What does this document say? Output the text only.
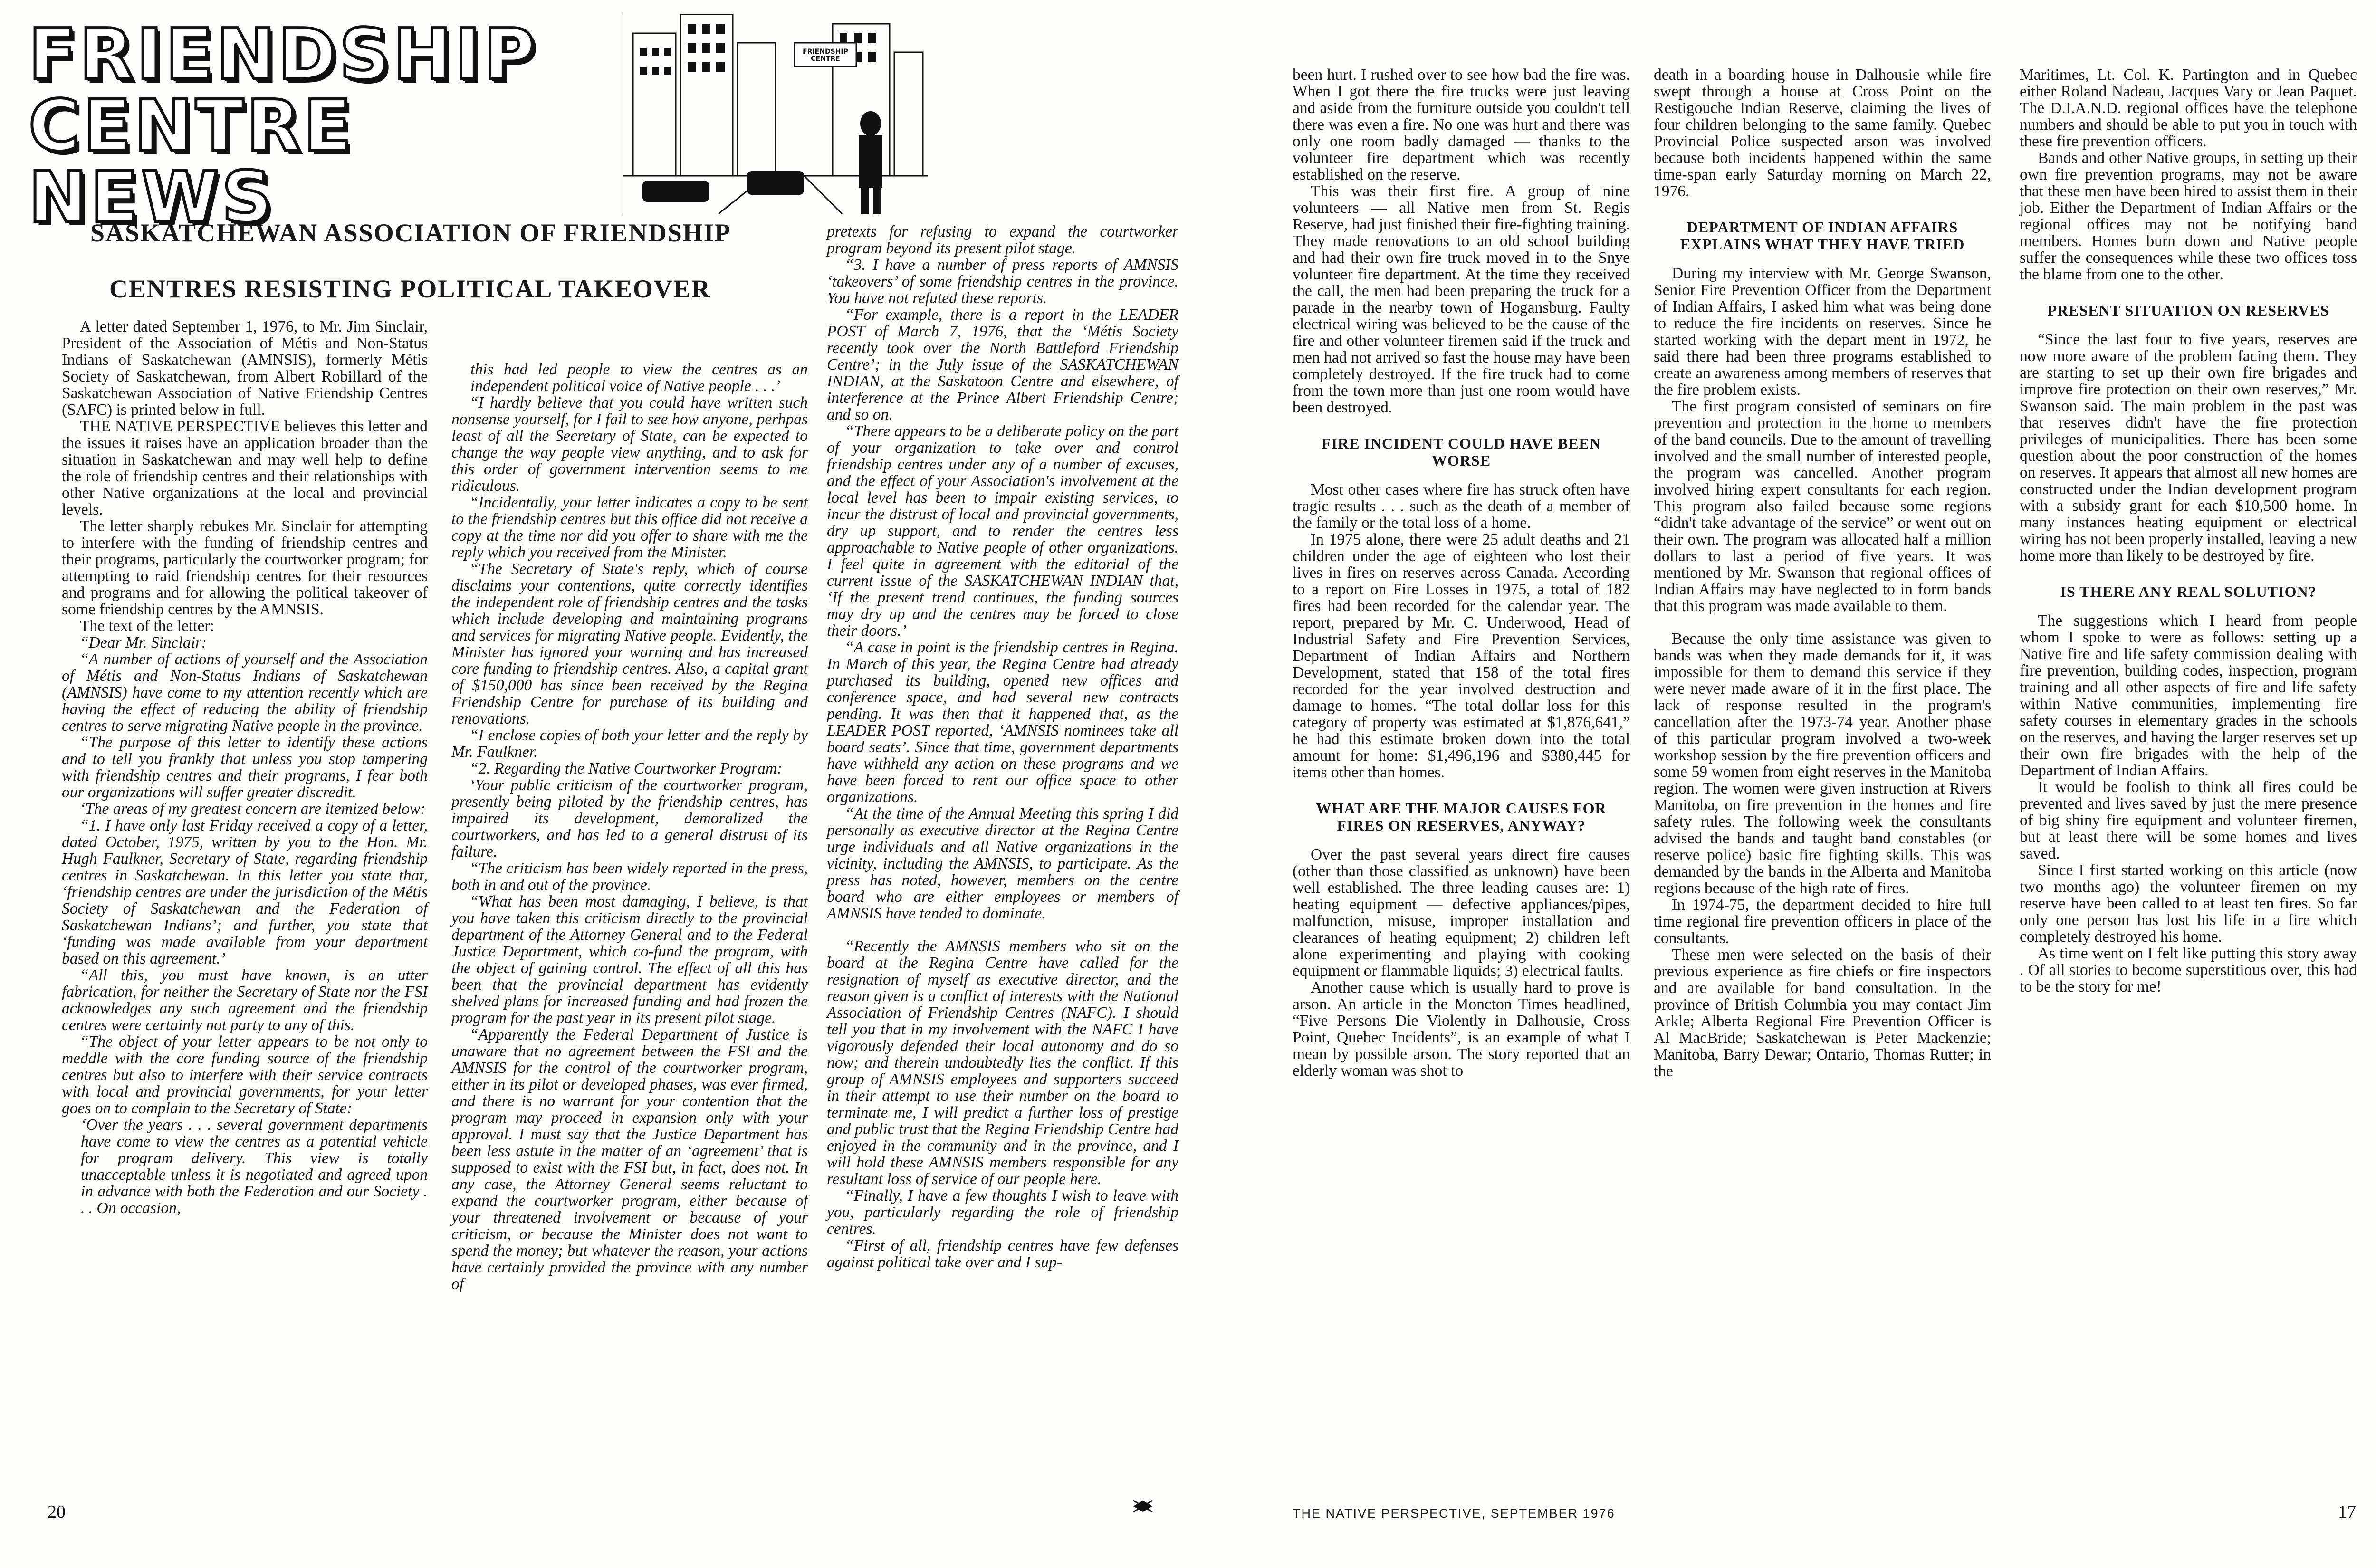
FRIENDSHIP
CENTRE NEWS
FRIENDSHIP CENTRE
SASKATCHEWAN ASSOCIATION OF FRIENDSHIP
CENTRES RESISTING POLITICAL TAKEOVER

A letter dated September 1, 1976, to Mr. Jim Sinclair, President of the Association of Métis and Non-Status Indians of Saskatchewan (AMNSIS), formerly Métis Society of Saskatchewan, from Albert Robillard of the Saskatchewan Association of Native Friendship Centres (SAFC) is printed below in full.

THE NATIVE PERSPECTIVE believes this letter and the issues it raises have an application broader than the situation in Saskatchewan and may well help to define the role of friendship centres and their relationships with other Native organizations at the local and provincial levels.

The letter sharply rebukes Mr. Sinclair for attempting to interfere with the funding of friendship centres and their programs, particularly the courtworker program; for attempting to raid friendship centres for their resources and programs and for allowing the political takeover of some friendship centres by the AMNSIS.

The text of the letter:

“Dear Mr. Sinclair:

“A number of actions of yourself and the Association of Métis and Non-Status Indians of Saskatchewan (AMNSIS) have come to my attention recently which are having the effect of reducing the ability of friendship centres to serve migrating Native people in the province.

“The purpose of this letter to identify these actions and to tell you frankly that unless you stop tampering with friendship centres and their programs, I fear both our organizations will suffer greater discredit.

‘The areas of my greatest concern are itemized below:

“1. I have only last Friday received a copy of a letter, dated October, 1975, written by you to the Hon. Mr. Hugh Faulkner, Secretary of State, regarding friendship centres in Saskatchewan. In this letter you state that, ‘friendship centres are under the jurisdiction of the Métis Society of Saskatchewan and the Federation of Saskatchewan Indians’; and further, you state that ‘funding was made available from your department based on this agreement.’

“All this, you must have known, is an utter fabrication, for neither the Secretary of State nor the FSI acknowledges any such agreement and the friendship centres were certainly not party to any of this.

“The object of your letter appears to be not only to meddle with the core funding source of the friendship centres but also to interfere with their service contracts with local and provincial governments, for your letter goes on to complain to the Secretary of State:

‘Over the years . . . several government departments have come to view the centres as a potential vehicle for program delivery. This view is totally unacceptable unless it is negotiated and agreed upon in advance with both the Federation and our Society . . . On occasion,

this had led people to view the centres as an independent political voice of Native people . . .’

“I hardly believe that you could have written such nonsense yourself, for I fail to see how anyone, perhpas least of all the Secretary of State, can be expected to change the way people view anything, and to ask for this order of government intervention seems to me ridiculous.

“Incidentally, your letter indicates a copy to be sent to the friendship centres but this office did not receive a copy at the time nor did you offer to share with me the reply which you received from the Minister.

“The Secretary of State's reply, which of course disclaims your contentions, quite correctly identifies the independent role of friendship centres and the tasks which include developing and maintaining programs and services for migrating Native people. Evidently, the Minister has ignored your warning and has increased core funding to friendship centres. Also, a capital grant of $150,000 has since been received by the Regina Friendship Centre for purchase of its building and renovations.

“I enclose copies of both your letter and the reply by Mr. Faulkner.

“2. Regarding the Native Courtworker Program:

‘Your public criticism of the courtworker program, presently being piloted by the friendship centres, has impaired its development, demoralized the courtworkers, and has led to a general distrust of its failure.

“The criticism has been widely reported in the press, both in and out of the province.

“What has been most damaging, I believe, is that you have taken this criticism directly to the provincial department of the Attorney General and to the Federal Justice Department, which co-fund the program, with the object of gaining control. The effect of all this has been that the provincial department has evidently shelved plans for increased funding and had frozen the program for the past year in its present pilot stage.

“Apparently the Federal Department of Justice is unaware that no agreement between the FSI and the AMNSIS for the control of the courtworker program, either in its pilot or developed phases, was ever firmed, and there is no warrant for your contention that the program may proceed in expansion only with your approval. I must say that the Justice Department has been less astute in the matter of an ‘agreement’ that is supposed to exist with the FSI but, in fact, does not. In any case, the Attorney General seems reluctant to expand the courtworker program, either because of your threatened involvement or because of your criticism, or because the Minister does not want to spend the money; but whatever the reason, your actions have certainly provided the province with any number of

pretexts for refusing to expand the courtworker program beyond its present pilot stage.

“3. I have a number of press reports of AMNSIS ‘takeovers’ of some friendship centres in the province. You have not refuted these reports.

“For example, there is a report in the LEADER POST of March 7, 1976, that the ‘Métis Society recently took over the North Battleford Friendship Centre’; in the July issue of the SASKATCHEWAN INDIAN, at the Saskatoon Centre and elsewhere, of interference at the Prince Albert Friendship Centre; and so on.

“There appears to be a deliberate policy on the part of your organization to take over and control friendship centres under any of a number of excuses, and the effect of your Association's involvement at the local level has been to impair existing services, to incur the distrust of local and provincial governments, dry up support, and to render the centres less approachable to Native people of other organizations. I feel quite in agreement with the editorial of the current issue of the SASKATCHEWAN INDIAN that, ‘If the present trend continues, the funding sources may dry up and the centres may be forced to close their doors.’

“A case in point is the friendship centres in Regina. In March of this year, the Regina Centre had already purchased its building, opened new offices and conference space, and had several new contracts pending. It was then that it happened that, as the LEADER POST reported, ‘AMNSIS nominees take all board seats’. Since that time, government departments have withheld any action on these programs and we have been forced to rent our office space to other organizations.

“At the time of the Annual Meeting this spring I did personally as executive director at the Regina Centre urge individuals and all Native organizations in the vicinity, including the AMNSIS, to participate. As the press has noted, however, members on the centre board who are either employees or members of AMNSIS have tended to dominate.

“Recently the AMNSIS members who sit on the board at the Regina Centre have called for the resignation of myself as executive director, and the reason given is a conflict of interests with the National Association of Friendship Centres (NAFC). I should tell you that in my involvement with the NAFC I have vigorously defended their local autonomy and do so now; and therein undoubtedly lies the conflict. If this group of AMNSIS employees and supporters succeed in their attempt to use their number on the board to terminate me, I will predict a further loss of prestige and public trust that the Regina Friendship Centre had enjoyed in the community and in the province, and I will hold these AMNSIS members responsible for any resultant loss of service of our people here.

“Finally, I have a few thoughts I wish to leave with you, particularly regarding the role of friendship centres.

“First of all, friendship centres have few defenses against political take over and I sup-

been hurt. I rushed over to see how bad the fire was. When I got there the fire trucks were just leaving and aside from the furniture outside you couldn't tell there was even a fire. No one was hurt and there was only one room badly damaged — thanks to the volunteer fire department which was recently established on the reserve.

This was their first fire. A group of nine volunteers — all Native men from St. Regis Reserve, had just finished their fire-fighting training. They made renovations to an old school building and had their own fire truck moved in to the Snye volunteer fire department. At the time they received the call, the men had been preparing the truck for a parade in the nearby town of Hogansburg. Faulty electrical wiring was believed to be the cause of the fire and other volunteer firemen said if the truck and men had not arrived so fast the house may have been completely destroyed. If the fire truck had to come from the town more than just one room would have been destroyed.

FIRE INCIDENT COULD HAVE BEEN WORSE

Most other cases where fire has struck often have tragic results . . . such as the death of a member of the family or the total loss of a home.

In 1975 alone, there were 25 adult deaths and 21 children under the age of eighteen who lost their lives in fires on reserves across Canada. According to a report on Fire Losses in 1975, a total of 182 fires had been recorded for the calendar year. The report, prepared by Mr. C. Underwood, Head of Industrial Safety and Fire Prevention Services, Department of Indian Affairs and Northern Development, stated that 158 of the total fires recorded for the year involved destruction and damage to homes. “The total dollar loss for this category of property was estimated at $1,876,641,” he had this estimate broken down into the total amount for home: $1,496,196 and $380,445 for items other than homes.

WHAT ARE THE MAJOR CAUSES FOR FIRES ON RESERVES, ANYWAY?

Over the past several years direct fire causes (other than those classified as unknown) have been well established. The three leading causes are: 1) heating equipment — defective appliances/pipes, malfunction, misuse, improper installation and clearances of heating equipment; 2) children left alone experimenting and playing with cooking equipment or flammable liquids; 3) electrical faults.

Another cause which is usually hard to prove is arson. An article in the Moncton Times headlined, “Five Persons Die Violently in Dalhousie, Cross Point, Quebec Incidents”, is an example of what I mean by possible arson. The story reported that an elderly woman was shot to

death in a boarding house in Dalhousie while fire swept through a house at Cross Point on the Restigouche Indian Reserve, claiming the lives of four children belonging to the same family. Quebec Provincial Police suspected arson was involved because both incidents happened within the same time-span early Saturday morning on March 22, 1976.

DEPARTMENT OF INDIAN AFFAIRS EXPLAINS WHAT THEY HAVE TRIED

During my interview with Mr. George Swanson, Senior Fire Prevention Officer from the Department of Indian Affairs, I asked him what was being done to reduce the fire incidents on reserves. Since he started working with the depart ment in 1972, he said there had been three programs established to create an awareness among members of reserves that the fire problem exists.

The first program consisted of seminars on fire prevention and protection in the home to members of the band councils. Due to the amount of travelling involved and the small number of interested people, the program was cancelled. Another program involved hiring expert consultants for each region. This program also failed because some regions “didn't take advantage of the service” or went out on their own. The program was allocated half a million dollars to last a period of five years. It was mentioned by Mr. Swanson that regional offices of Indian Affairs may have neglected to in form bands that this program was made available to them.

Because the only time assistance was given to bands was when they made demands for it, it was impossible for them to demand this service if they were never made aware of it in the first place. The lack of response resulted in the program's cancellation after the 1973-74 year. Another phase of this particular program involved a two-week workshop session by the fire prevention officers and some 59 women from eight reserves in the Manitoba region. The women were given instruction at Rivers Manitoba, on fire prevention in the homes and fire safety rules. The following week the consultants advised the bands and taught band constables (or reserve police) basic fire fighting skills. This was demanded by the bands in the Alberta and Manitoba regions because of the high rate of fires.

In 1974-75, the department decided to hire full time regional fire prevention officers in place of the consultants.

These men were selected on the basis of their previous experience as fire chiefs or fire inspectors and are available for band consultation. In the province of British Columbia you may contact Jim Arkle; Alberta Regional Fire Prevention Officer is Al MacBride; Saskatchewan is Peter Mackenzie; Manitoba, Barry Dewar; Ontario, Thomas Rutter; in the

Maritimes, Lt. Col. K. Partington and in Quebec either Roland Nadeau, Jacques Vary or Jean Paquet. The D.I.A.N.D. regional offices have the telephone numbers and should be able to put you in touch with these fire prevention officers.

Bands and other Native groups, in setting up their own fire prevention programs, may not be aware that these men have been hired to assist them in their job. Either the Department of Indian Affairs or the regional offices may not be notifying band members. Homes burn down and Native people suffer the consequences while these two offices toss the blame from one to the other.

PRESENT SITUATION ON RESERVES

“Since the last four to five years, reserves are now more aware of the problem facing them. They are starting to set up their own fire brigades and improve fire protection on their own reserves,” Mr. Swanson said. The main problem in the past was that reserves didn't have the fire protection privileges of municipalities. There has been some question about the poor construction of the homes on reserves. It appears that almost all new homes are constructed under the Indian development program with a subsidy grant for each $10,500 home. In many instances heating equipment or electrical wiring has not been properly installed, leaving a new home more than likely to be destroyed by fire.

IS THERE ANY REAL SOLUTION?

The suggestions which I heard from people whom I spoke to were as follows: setting up a Native fire and life safety commission dealing with fire prevention, building codes, inspection, program training and all other aspects of fire and life safety within Native communities, implementing fire safety courses in elementary grades in the schools on the reserves, and having the larger reserves set up their own fire brigades with the help of the Department of Indian Affairs.

It would be foolish to think all fires could be prevented and lives saved by just the mere presence of big shiny fire equipment and volunteer firemen, but at least there will be some homes and lives saved.

Since I first started working on this article (now two months ago) the volunteer firemen on my reserve have been called to at least ten fires. So far only one person has lost his life in a fire which completely destroyed his home.

As time went on I felt like putting this story away . Of all stories to become superstitious over, this had to be the story for me!

20	THE NATIVE PERSPECTIVE, SEPTEMBER 1976	17
